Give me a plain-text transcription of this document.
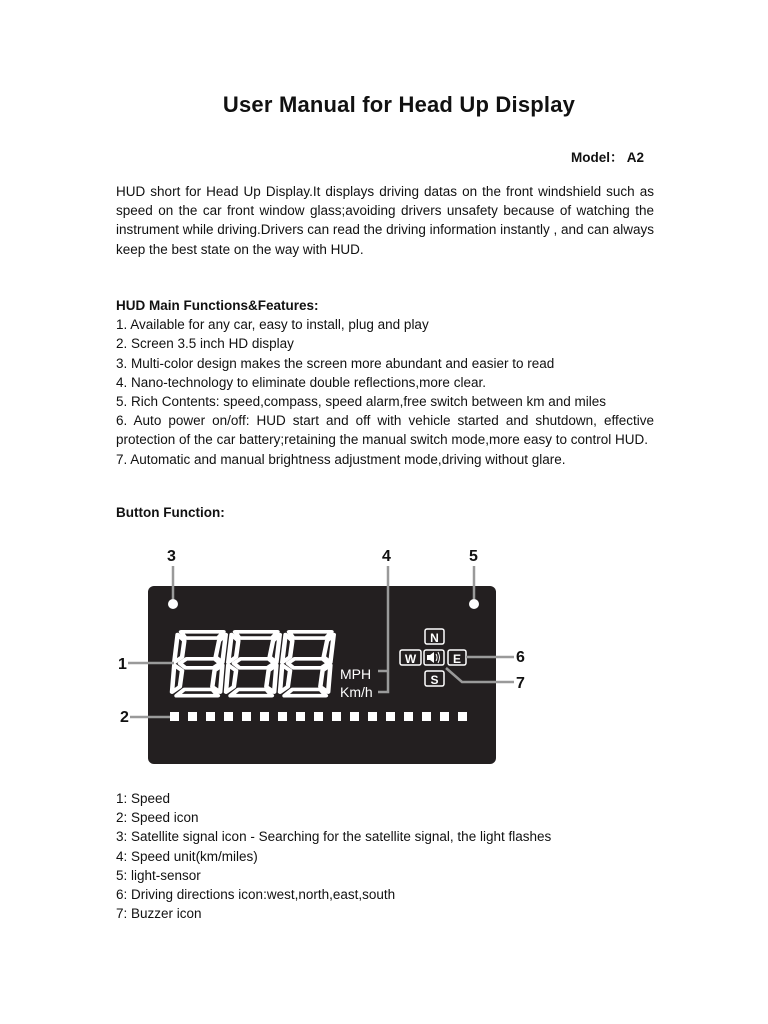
User Manual for Head Up Display
Model： A2
HUD short for Head Up Display.It displays driving datas on the front windshield such as speed on the car front window glass;avoiding drivers unsafety because of watching the instrument while driving.Drivers can read the driving information instantly , and can always keep the best state on the way with HUD.
HUD Main Functions&Features:
1. Available for any car, easy to install, plug and play
2. Screen 3.5 inch HD display
3. Multi-color design makes the screen more abundant and easier to read
4. Nano-technology to eliminate double reflections,more clear.
5. Rich Contents: speed,compass, speed alarm,free switch between km and miles
6. Auto power on/off: HUD start and off with vehicle started and shutdown, effective protection of the car battery;retaining the manual switch mode,more easy to control HUD.
7. Automatic and manual brightness adjustment mode,driving without glare.
Button Function:
MPH
Km/h
N
W	E
S
1
2
3	4	5
6
7
1: Speed
2: Speed icon
3: Satellite signal icon - Searching for the satellite signal, the light flashes
4: Speed unit(km/miles)
5: light-sensor
6: Driving directions icon:west,north,east,south
7: Buzzer icon
